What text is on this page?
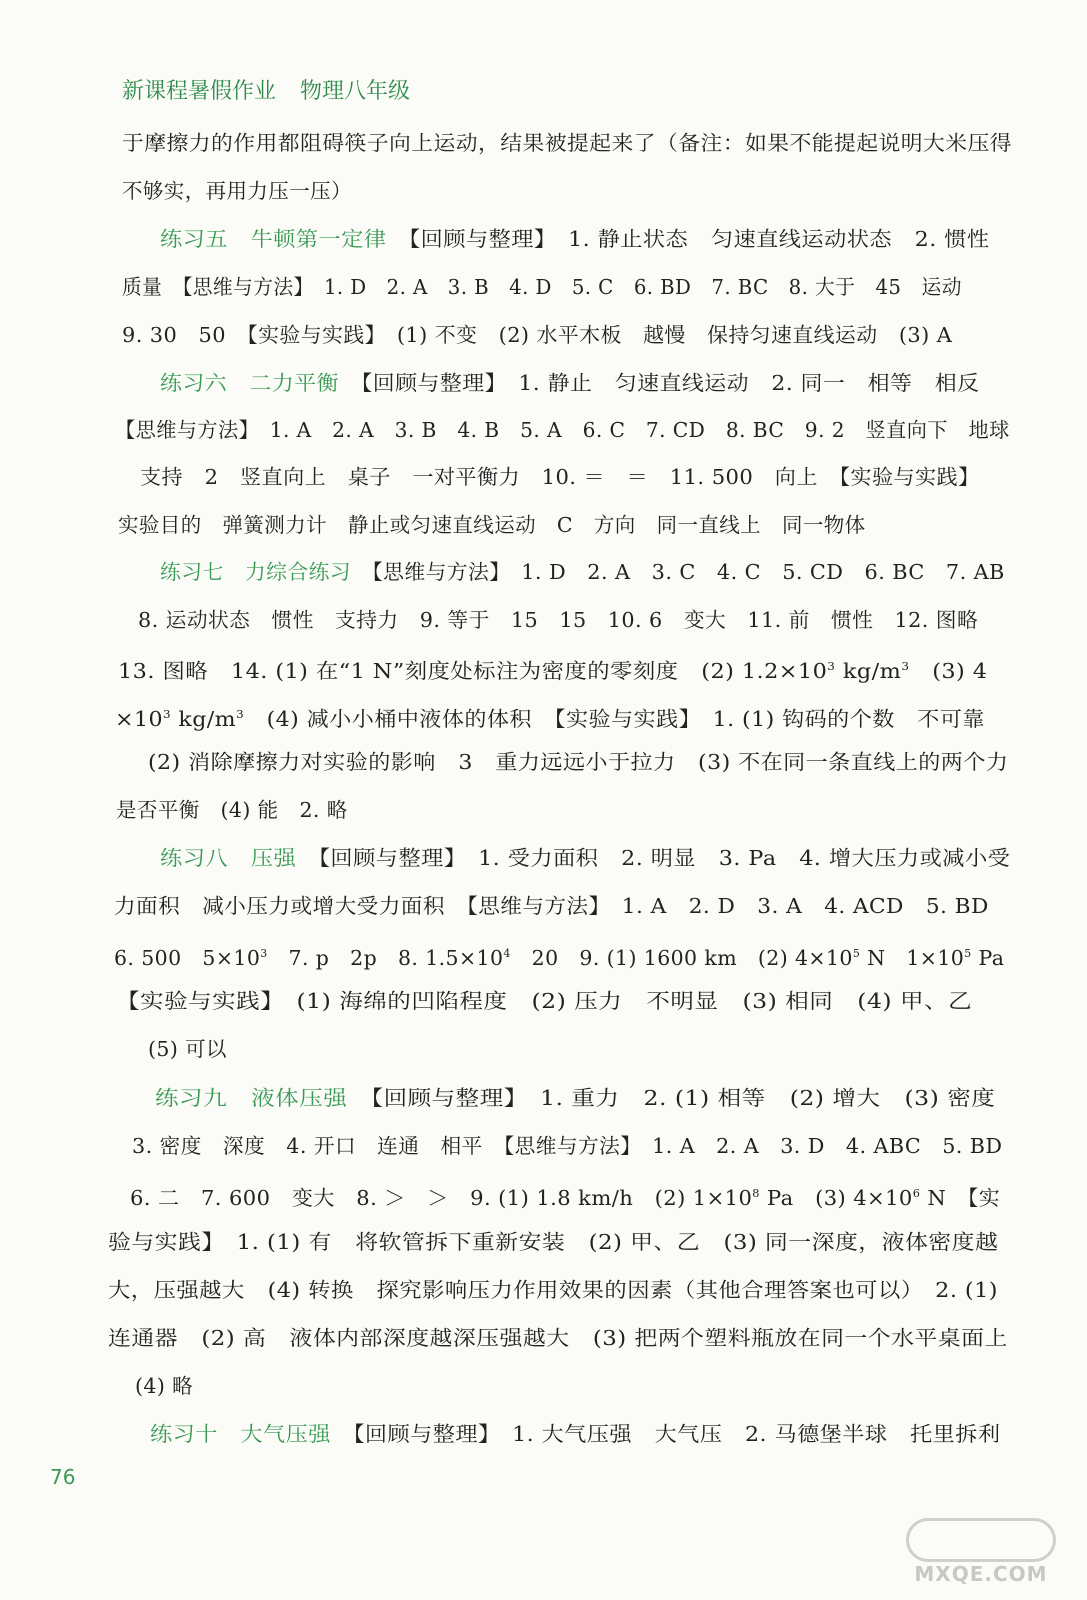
新课程暑假作业 物理八年级
于摩擦力的作用都阻碍筷子向上运动，结果被提起来了（备注：如果不能提起说明大米压得
不够实，再用力压一压）
练习五　牛顿第一定律　【回顾与整理】　1. 静止状态　匀速直线运动状态　2. 惯性
质量　【思维与方法】　1. D　2. A　3. B　4. D　5. C　6. BD　7. BC　8. 大于　45　运动
9. 30　50　【实验与实践】　(1) 不变　(2) 水平木板　越慢　保持匀速直线运动　(3) A
练习六　二力平衡　【回顾与整理】　1. 静止　匀速直线运动　2. 同一　相等　相反
【思维与方法】　1. A　2. A　3. B　4. B　5. A　6. C　7. CD　8. BC　9. 2　竖直向下　地球
支持　2　竖直向上　桌子　一对平衡力　10. ＝　＝　11. 500　向上　【实验与实践】
实验目的　弹簧测力计　静止或匀速直线运动　C　方向　同一直线上　同一物体
练习七　力综合练习　【思维与方法】　1. D　2. A　3. C　4. C　5. CD　6. BC　7. AB
8. 运动状态　惯性　支持力　9. 等于　15　15　10. 6　变大　11. 前　惯性　12. 图略
13. 图略　14. (1) 在“1 N”刻度处标注为密度的零刻度　(2) $1.2\times 10^3$ $kg/m^3$　(3) 4
$\times 10^3$ $kg/m^3$　(4) 减小小桶中液体的体积　【实验与实践】　1. (1) 钩码的个数　不可靠
(2) 消除摩擦力对实验的影响　3　重力远远小于拉力　(3) 不在同一条直线上的两个力
是否平衡　(4) 能　2. 略
练习八　压强　【回顾与整理】　1. 受力面积　2. 明显　3. Pa　4. 增大压力或减小受
力面积　减小压力或增大受力面积　【思维与方法】　1. A　2. D　3. A　4. ACD　5. BD
6. 500　$5\times 10^3$　7. p　2p　8. $1.5\times 10^4$　20　9. (1) 1600 km　(2) $4\times 10^5$ N　$1\times 10^5$ Pa
【实验与实践】　(1) 海绵的凹陷程度　(2) 压力　不明显　(3) 相同　(4) 甲、乙
(5) 可以
练习九　液体压强　【回顾与整理】　1. 重力　2. (1) 相等　(2) 增大　(3) 密度
3. 密度　深度　4. 开口　连通　相平　【思维与方法】　1. A　2. A　3. D　4. ABC　5. BD
6. 二　7. 600　变大　8. ＞　＞　9. (1) 1.8 km/h　(2) $1\times 10^8$ Pa　(3) $4\times 10^6$ N　【实
验与实践】　1. (1) 有　将软管拆下重新安装　(2) 甲、乙　(3) 同一深度，液体密度越
大，压强越大　(4) 转换　探究影响压力作用效果的因素（其他合理答案也可以）　2. (1)
连通器　(2) 高　液体内部深度越深压强越大　(3) 把两个塑料瓶放在同一个水平桌面上
(4) 略
练习十　大气压强　【回顾与整理】　1. 大气压强　大气压　2. 马德堡半球　托里拆利
76
MXQE.COM
